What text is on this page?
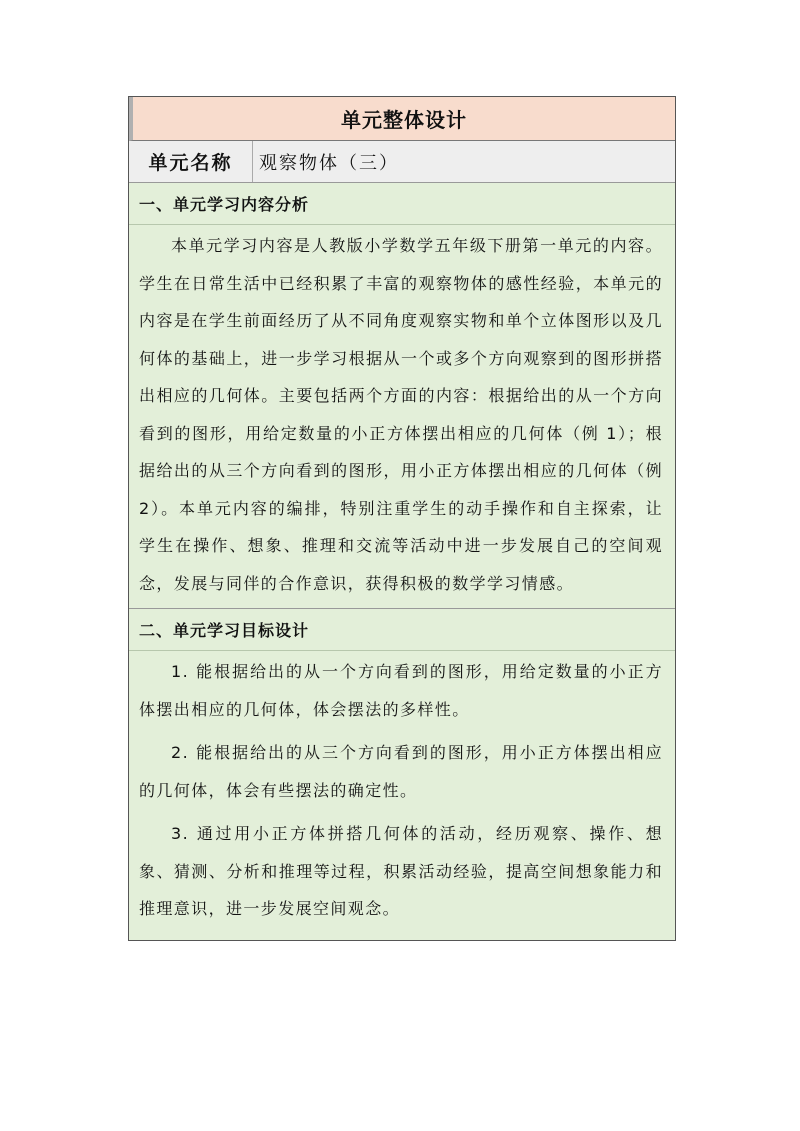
单元整体设计
单元名称	观察物体（三）
一、单元学习内容分析

本单元学习内容是人教版小学数学五年级下册第一单元的内容。学生在日常生活中已经积累了丰富的观察物体的感性经验，本单元的内容是在学生前面经历了从不同角度观察实物和单个立体图形以及几何体的基础上，进一步学习根据从一个或多个方向观察到的图形拼搭出相应的几何体。主要包括两个方面的内容：根据给出的从一个方向看到的图形，用给定数量的小正方体摆出相应的几何体（例 1）；根据给出的从三个方向看到的图形，用小正方体摆出相应的几何体（例 2）。本单元内容的编排，特别注重学生的动手操作和自主探索，让学生在操作、想象、推理和交流等活动中进一步发展自己的空间观念，发展与同伴的合作意识，获得积极的数学学习情感。

二、单元学习目标设计

1. 能根据给出的从一个方向看到的图形，用给定数量的小正方体摆出相应的几何体，体会摆法的多样性。

2. 能根据给出的从三个方向看到的图形，用小正方体摆出相应的几何体，体会有些摆法的确定性。

3. 通过用小正方体拼搭几何体的活动，经历观察、操作、想象、猜测、分析和推理等过程，积累活动经验，提高空间想象能力和推理意识，进一步发展空间观念。
